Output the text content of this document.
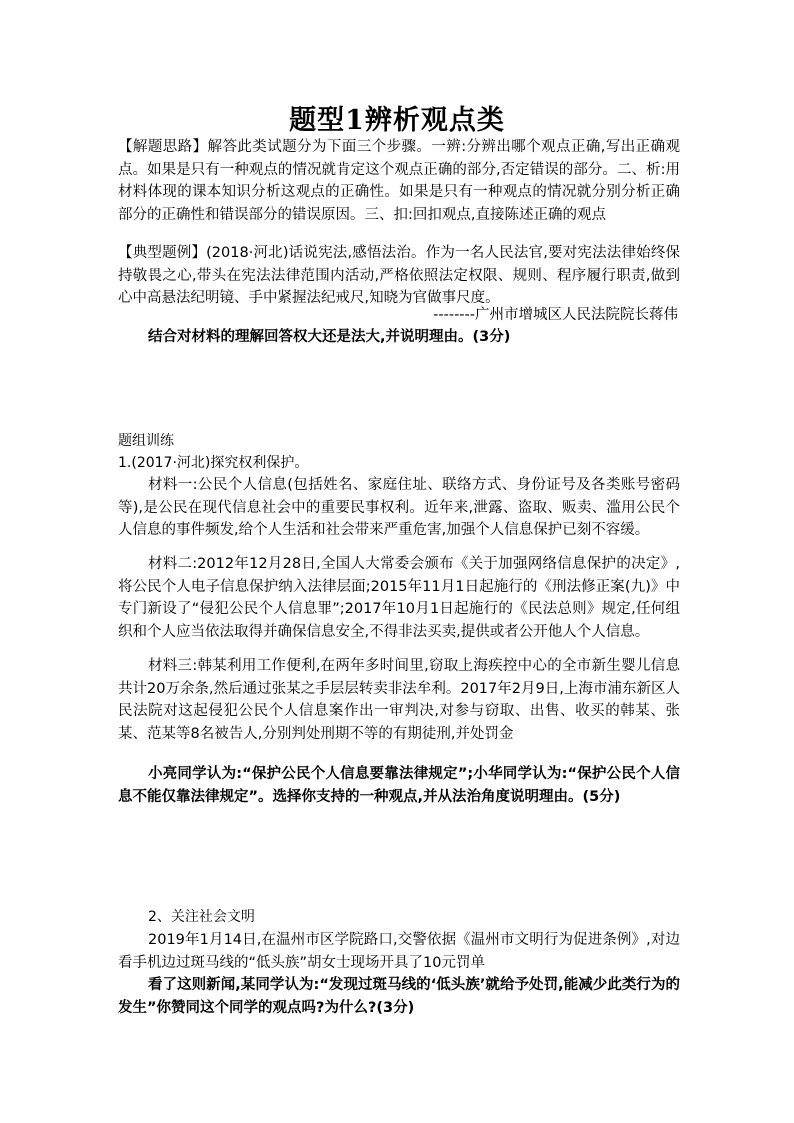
题型1辨析观点类
【解题思路】解答此类试题分为下面三个步骤。一辨:分辨出哪个观点正确,写出正确观点。如果是只有一种观点的情况就肯定这个观点正确的部分,否定错误的部分。二、析:用材料体现的课本知识分析这观点的正确性。如果是只有一种观点的情况就分别分析正确部分的正确性和错误部分的错误原因。三、扣:回扣观点,直接陈述正确的观点
【典型题例】(2018·河北)话说宪法,感悟法治。作为一名人民法官,要对宪法法律始终保持敬畏之心,带头在宪法法律范围内活动,严格依照法定权限、规则、程序履行职责,做到心中高悬法纪明镜、手中紧握法纪戒尺,知晓为官做事尺度。
--------广州市增城区人民法院院长蒋伟
结合对材料的理解回答权大还是法大,并说明理由。(3分)
题组训练
1.(2017·河北)探究权利保护。
材料一:公民个人信息(包括姓名、家庭住址、联络方式、身份证号及各类账号密码等),是公民在现代信息社会中的重要民事权利。近年来,泄露、盗取、贩卖、滥用公民个人信息的事件频发,给个人生活和社会带来严重危害,加强个人信息保护已刻不容缓。
材料二:2012年12月28日,全国人大常委会颁布《关于加强网络信息保护的决定》,将公民个人电子信息保护纳入法律层面;2015年11月1日起施行的《刑法修正案(九)》中专门新设了“侵犯公民个人信息罪”;2017年10月1日起施行的《民法总则》规定,任何组织和个人应当依法取得并确保信息安全,不得非法买卖,提供或者公开他人个人信息。
材料三:韩某利用工作便利,在两年多时间里,窃取上海疾控中心的全市新生婴儿信息共计20万余条,然后通过张某之手层层转卖非法牟利。2017年2月9日,上海市浦东新区人民法院对这起侵犯公民个人信息案作出一审判决,对参与窃取、出售、收买的韩某、张某、范某等8名被告人,分别判处刑期不等的有期徒刑,并处罚金
小亮同学认为:“保护公民个人信息要靠法律规定”;小华同学认为:“保护公民个人信息不能仅靠法律规定”。选择你支持的一种观点,并从法治角度说明理由。(5分)
2、关注社会文明
2019年1月14日,在温州市区学院路口,交警依据《温州市文明行为促进条例》,对边看手机边过斑马线的“低头族”胡女士现场开具了10元罚单
看了这则新闻,某同学认为:“发现过斑马线的‘低头族’就给予处罚,能减少此类行为的发生”你赞同这个同学的观点吗?为什么?(3分)
